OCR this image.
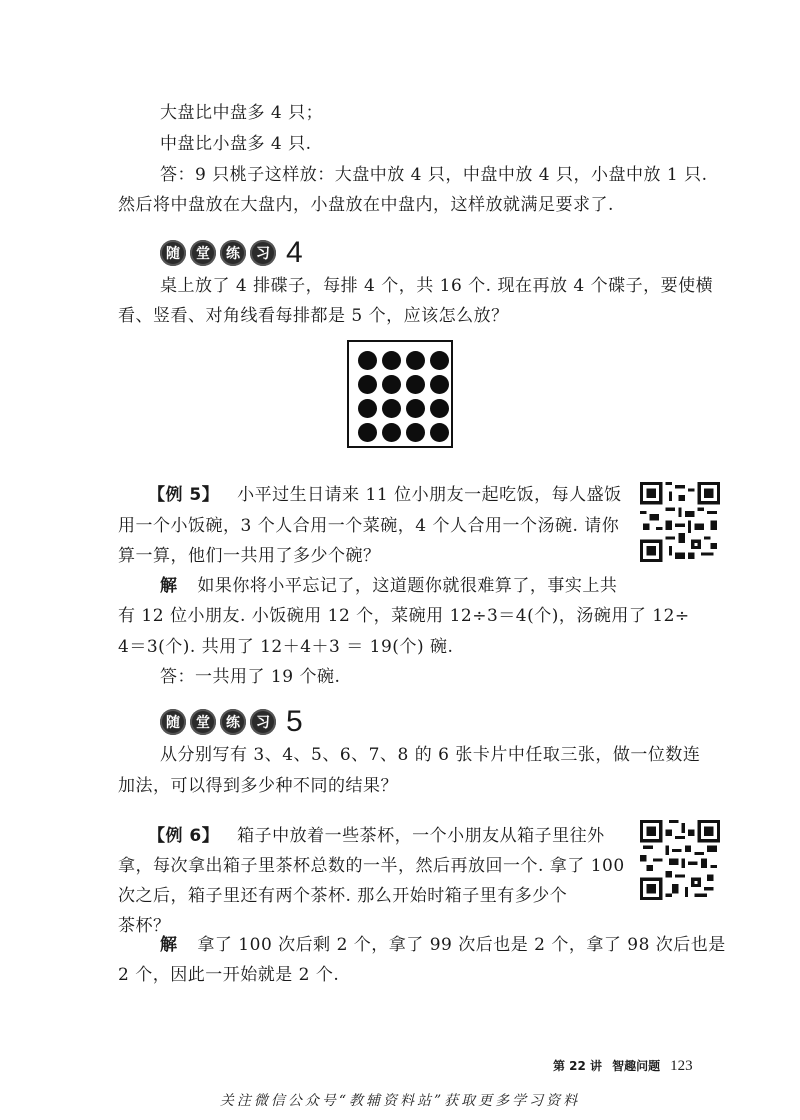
大盘比中盘多 4 只；
中盘比小盘多 4 只.
答：9 只桃子这样放：大盘中放 4 只，中盘中放 4 只，小盘中放 1 只.
然后将中盘放在大盘内，小盘放在中盘内，这样放就满足要求了.
随	堂	练	习 4
桌上放了 4 排碟子，每排 4 个，共 16 个. 现在再放 4 个碟子，要使横
看、竖看、对角线看每排都是 5 个，应该怎么放？
【例 5】 小平过生日请来 11 位小朋友一起吃饭，每人盛饭
用一个小饭碗，3 个人合用一个菜碗，4 个人合用一个汤碗. 请你
算一算，他们一共用了多少个碗？
解 如果你将小平忘记了，这道题你就很难算了，事实上共
有 12 位小朋友. 小饭碗用 12 个，菜碗用 12÷3＝4(个)，汤碗用了 12÷
4＝3(个). 共用了 12＋4＋3 ＝ 19(个) 碗.
答：一共用了 19 个碗.
随	堂	练	习 5
从分别写有 3、4、5、6、7、8 的 6 张卡片中任取三张，做一位数连
加法，可以得到多少种不同的结果？
【例 6】 箱子中放着一些茶杯，一个小朋友从箱子里往外
拿，每次拿出箱子里茶杯总数的一半，然后再放回一个. 拿了 100
次之后，箱子里还有两个茶杯. 那么开始时箱子里有多少个
茶杯？
解 拿了 100 次后剩 2 个，拿了 99 次后也是 2 个，拿了 98 次后也是
2 个，因此一开始就是 2 个.
第 22 讲 智趣问题 123
关注微信公众号“教辅资料站”获取更多学习资料
